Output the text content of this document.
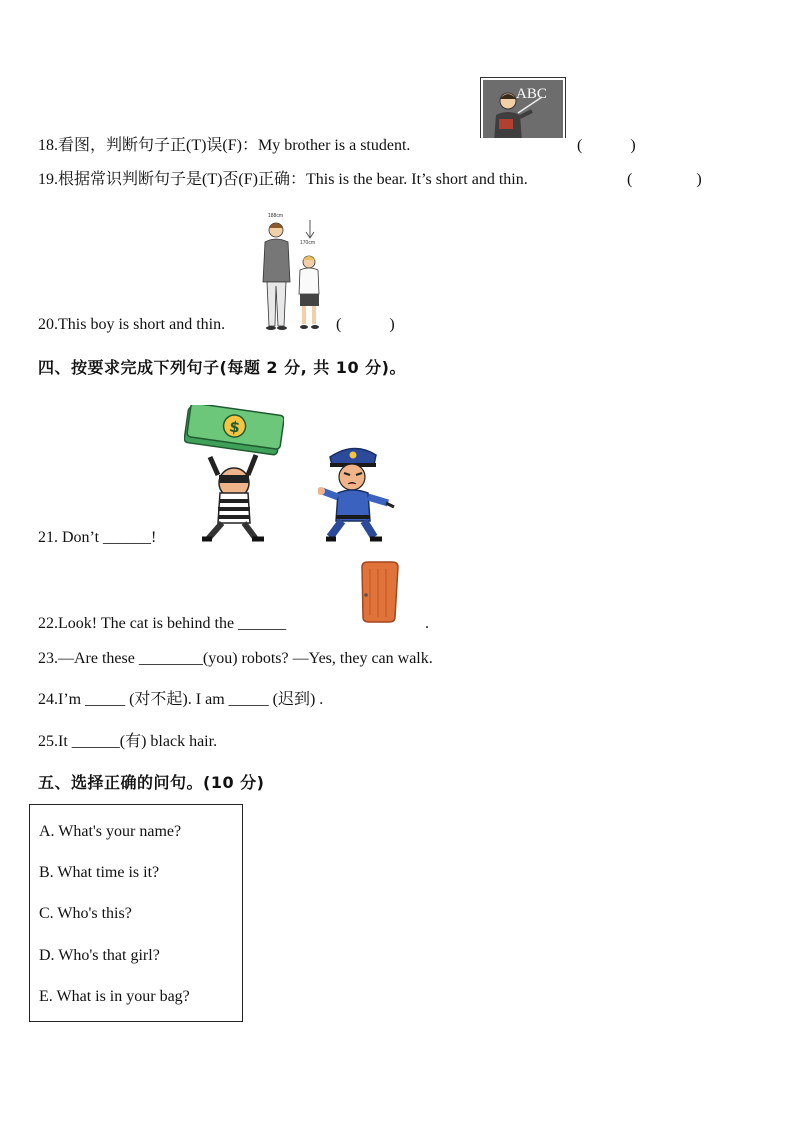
18.看图，判断句子正(T)误(F)：My brother is a student.
ABC
(　　　)
19.根据常识判断句子是(T)否(F)正确：This is the bear. It’s short and thin.	(　　　　)
20.This boy is short and thin.
188cm
170cm
(　　　)
四、按要求完成下列句子(每题 2 分, 共 10 分)。
21. Don’t ______!
$
22.Look! The cat is behind the ______	.
23.—Are these ________(you) robots? —Yes, they can walk.
24.I’m _____ (对不起). I am _____ (迟到) .
25.It ______(有) black hair.
五、选择正确的问句。(10 分)
A. What's your name?
B. What time is it?
C. Who's this?
D. Who's that girl?
E. What is in your bag?
